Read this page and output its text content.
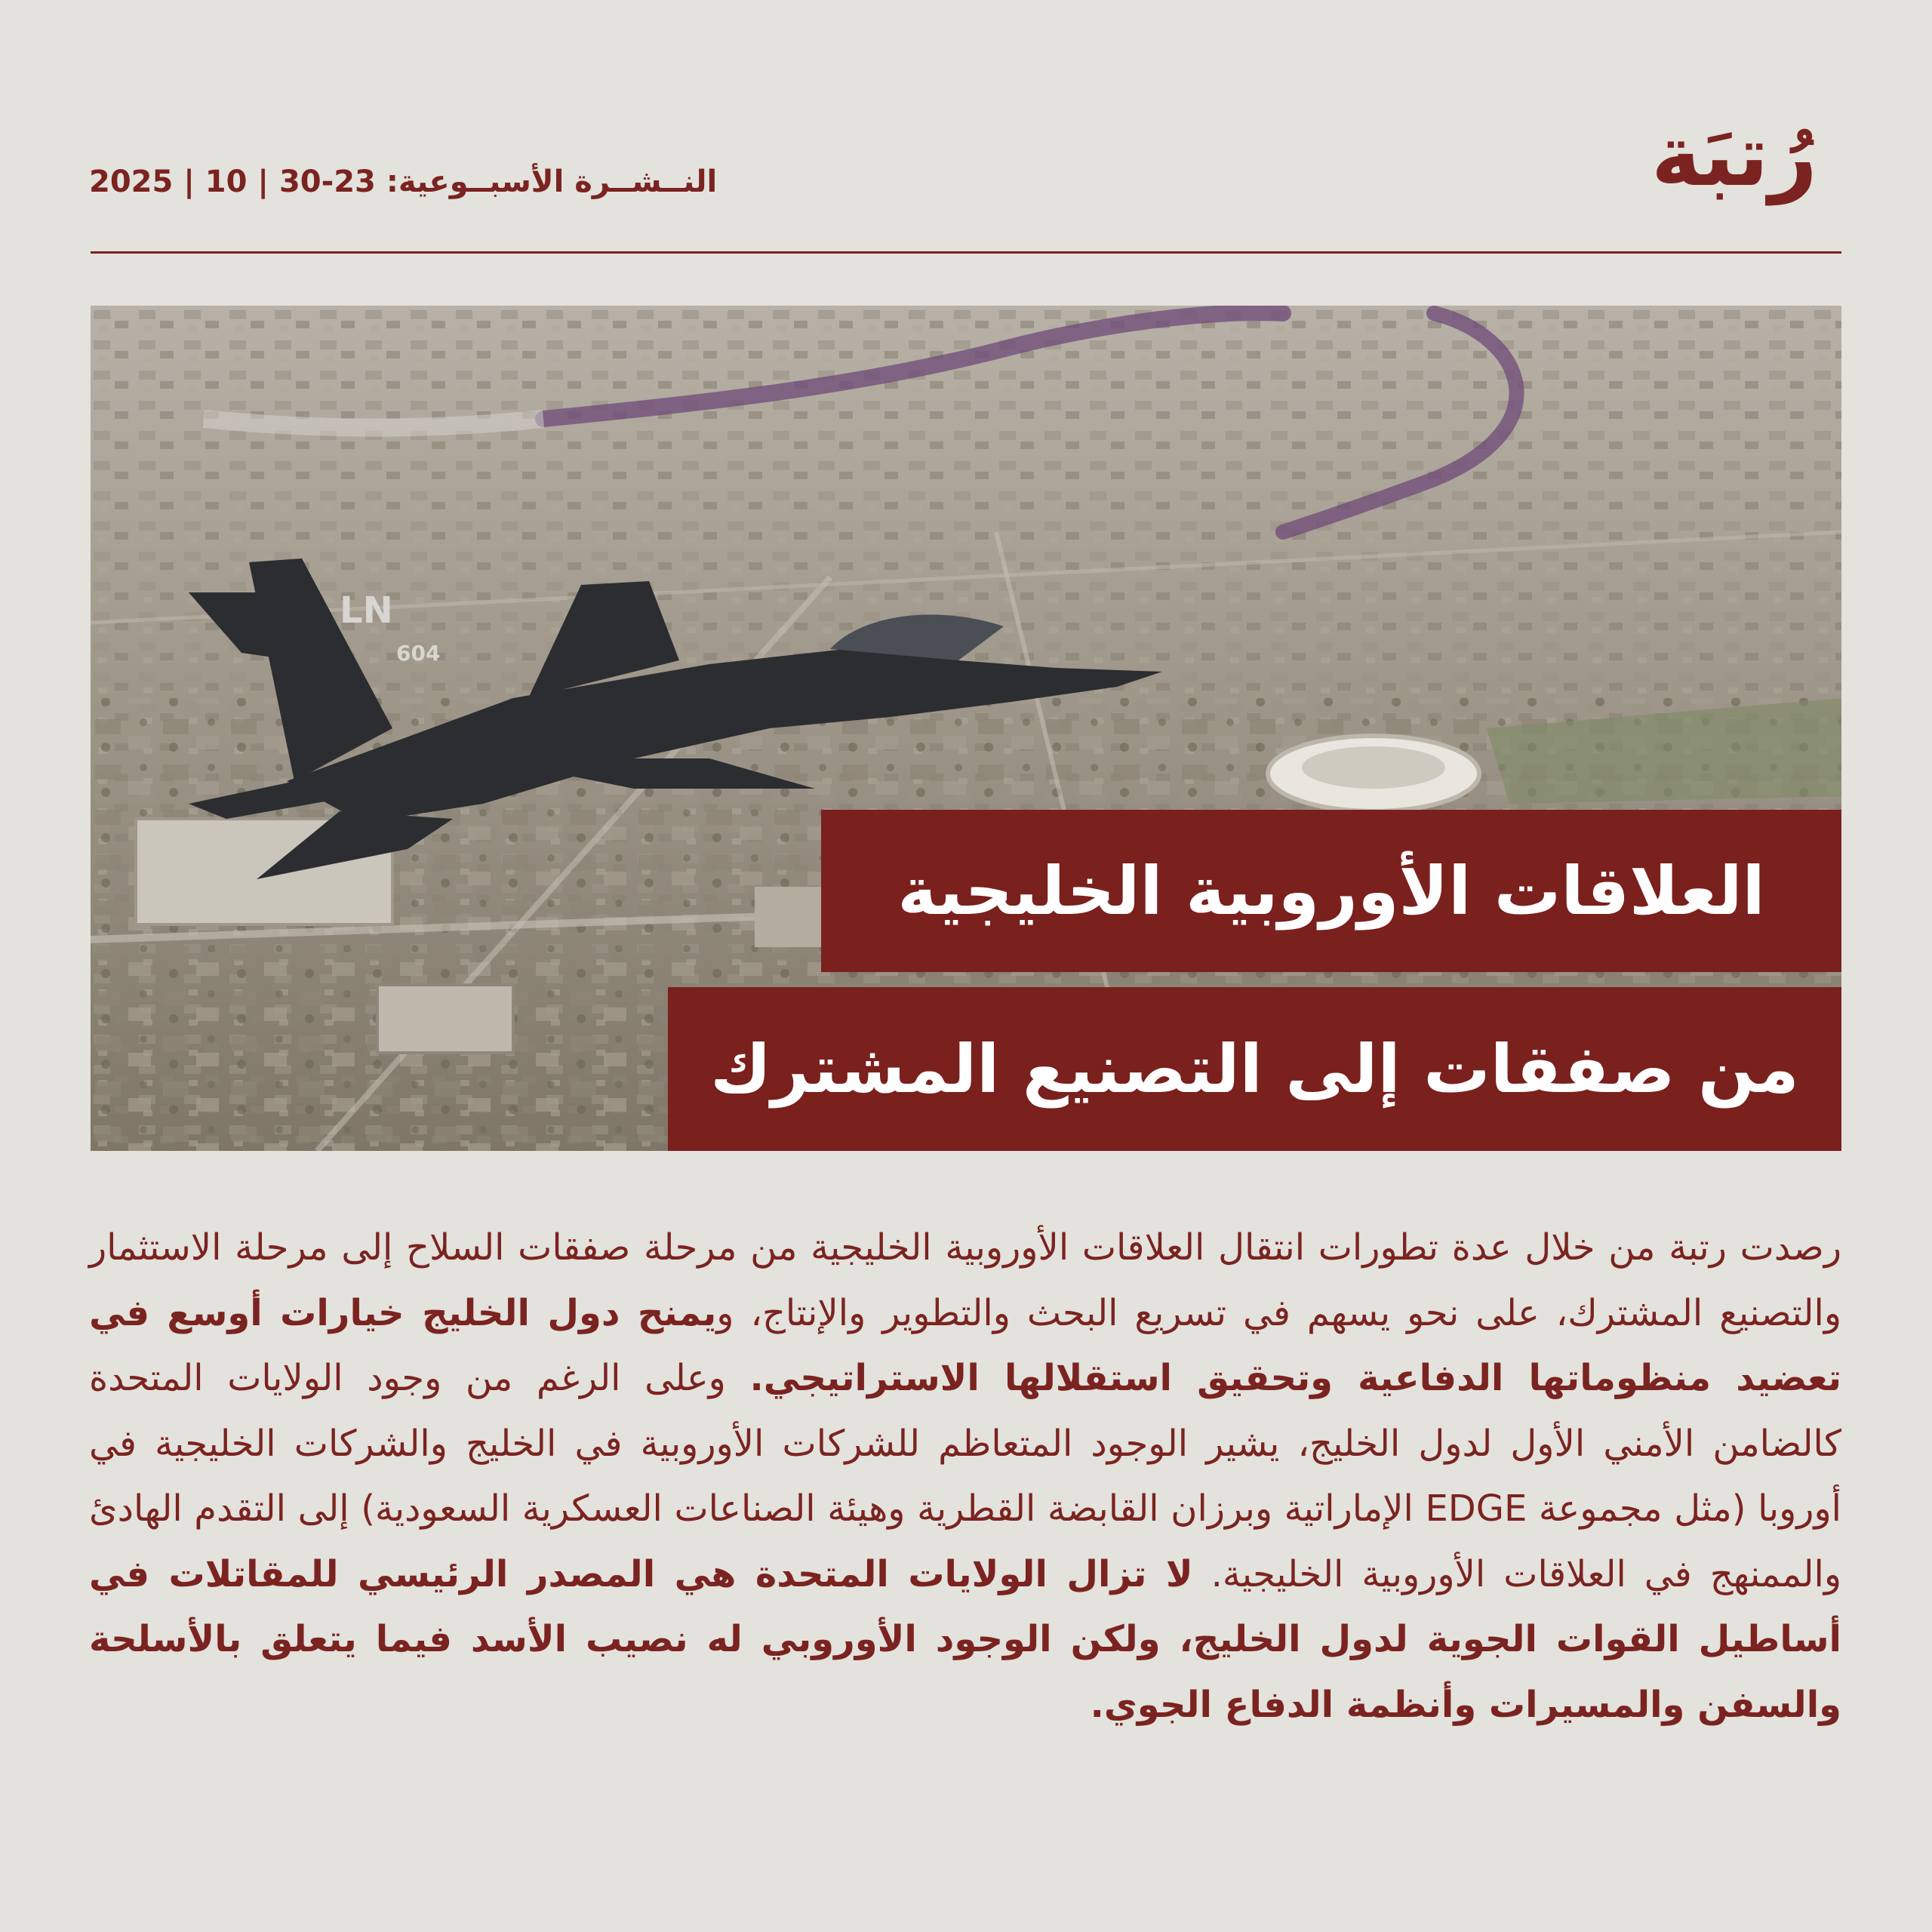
رُتبَة
النــشــرة الأسبــوعية: 23-30 | 10 | 2025
LN
604
العلاقات الأوروبية الخليجية
من صفقات إلى التصنيع المشترك
رصدت رتبة من خلال عدة تطورات انتقال العلاقات الأوروبية الخليجية من مرحلة صفقات السلاح إلى مرحلة الاستثمار والتصنيع المشترك، على نحو يسهم في تسريع البحث والتطوير والإنتاج، ويمنح دول الخليج خيارات أوسع في تعضيد منظوماتها الدفاعية وتحقيق استقلالها الاستراتيجي. وعلى الرغم من وجود الولايات المتحدة كالضامن الأمني الأول لدول الخليج، يشير الوجود المتعاظم للشركات الأوروبية في الخليج والشركات الخليجية في أوروبا (مثل مجموعة EDGE الإماراتية وبرزان القابضة القطرية وهيئة الصناعات العسكرية السعودية) إلى التقدم الهادئ والممنهج في العلاقات الأوروبية الخليجية. لا تزال الولايات المتحدة هي المصدر الرئيسي للمقاتلات في أساطيل القوات الجوية لدول الخليج، ولكن الوجود الأوروبي له نصيب الأسد فيما يتعلق بالأسلحة والسفن والمسيرات وأنظمة الدفاع الجوي.
